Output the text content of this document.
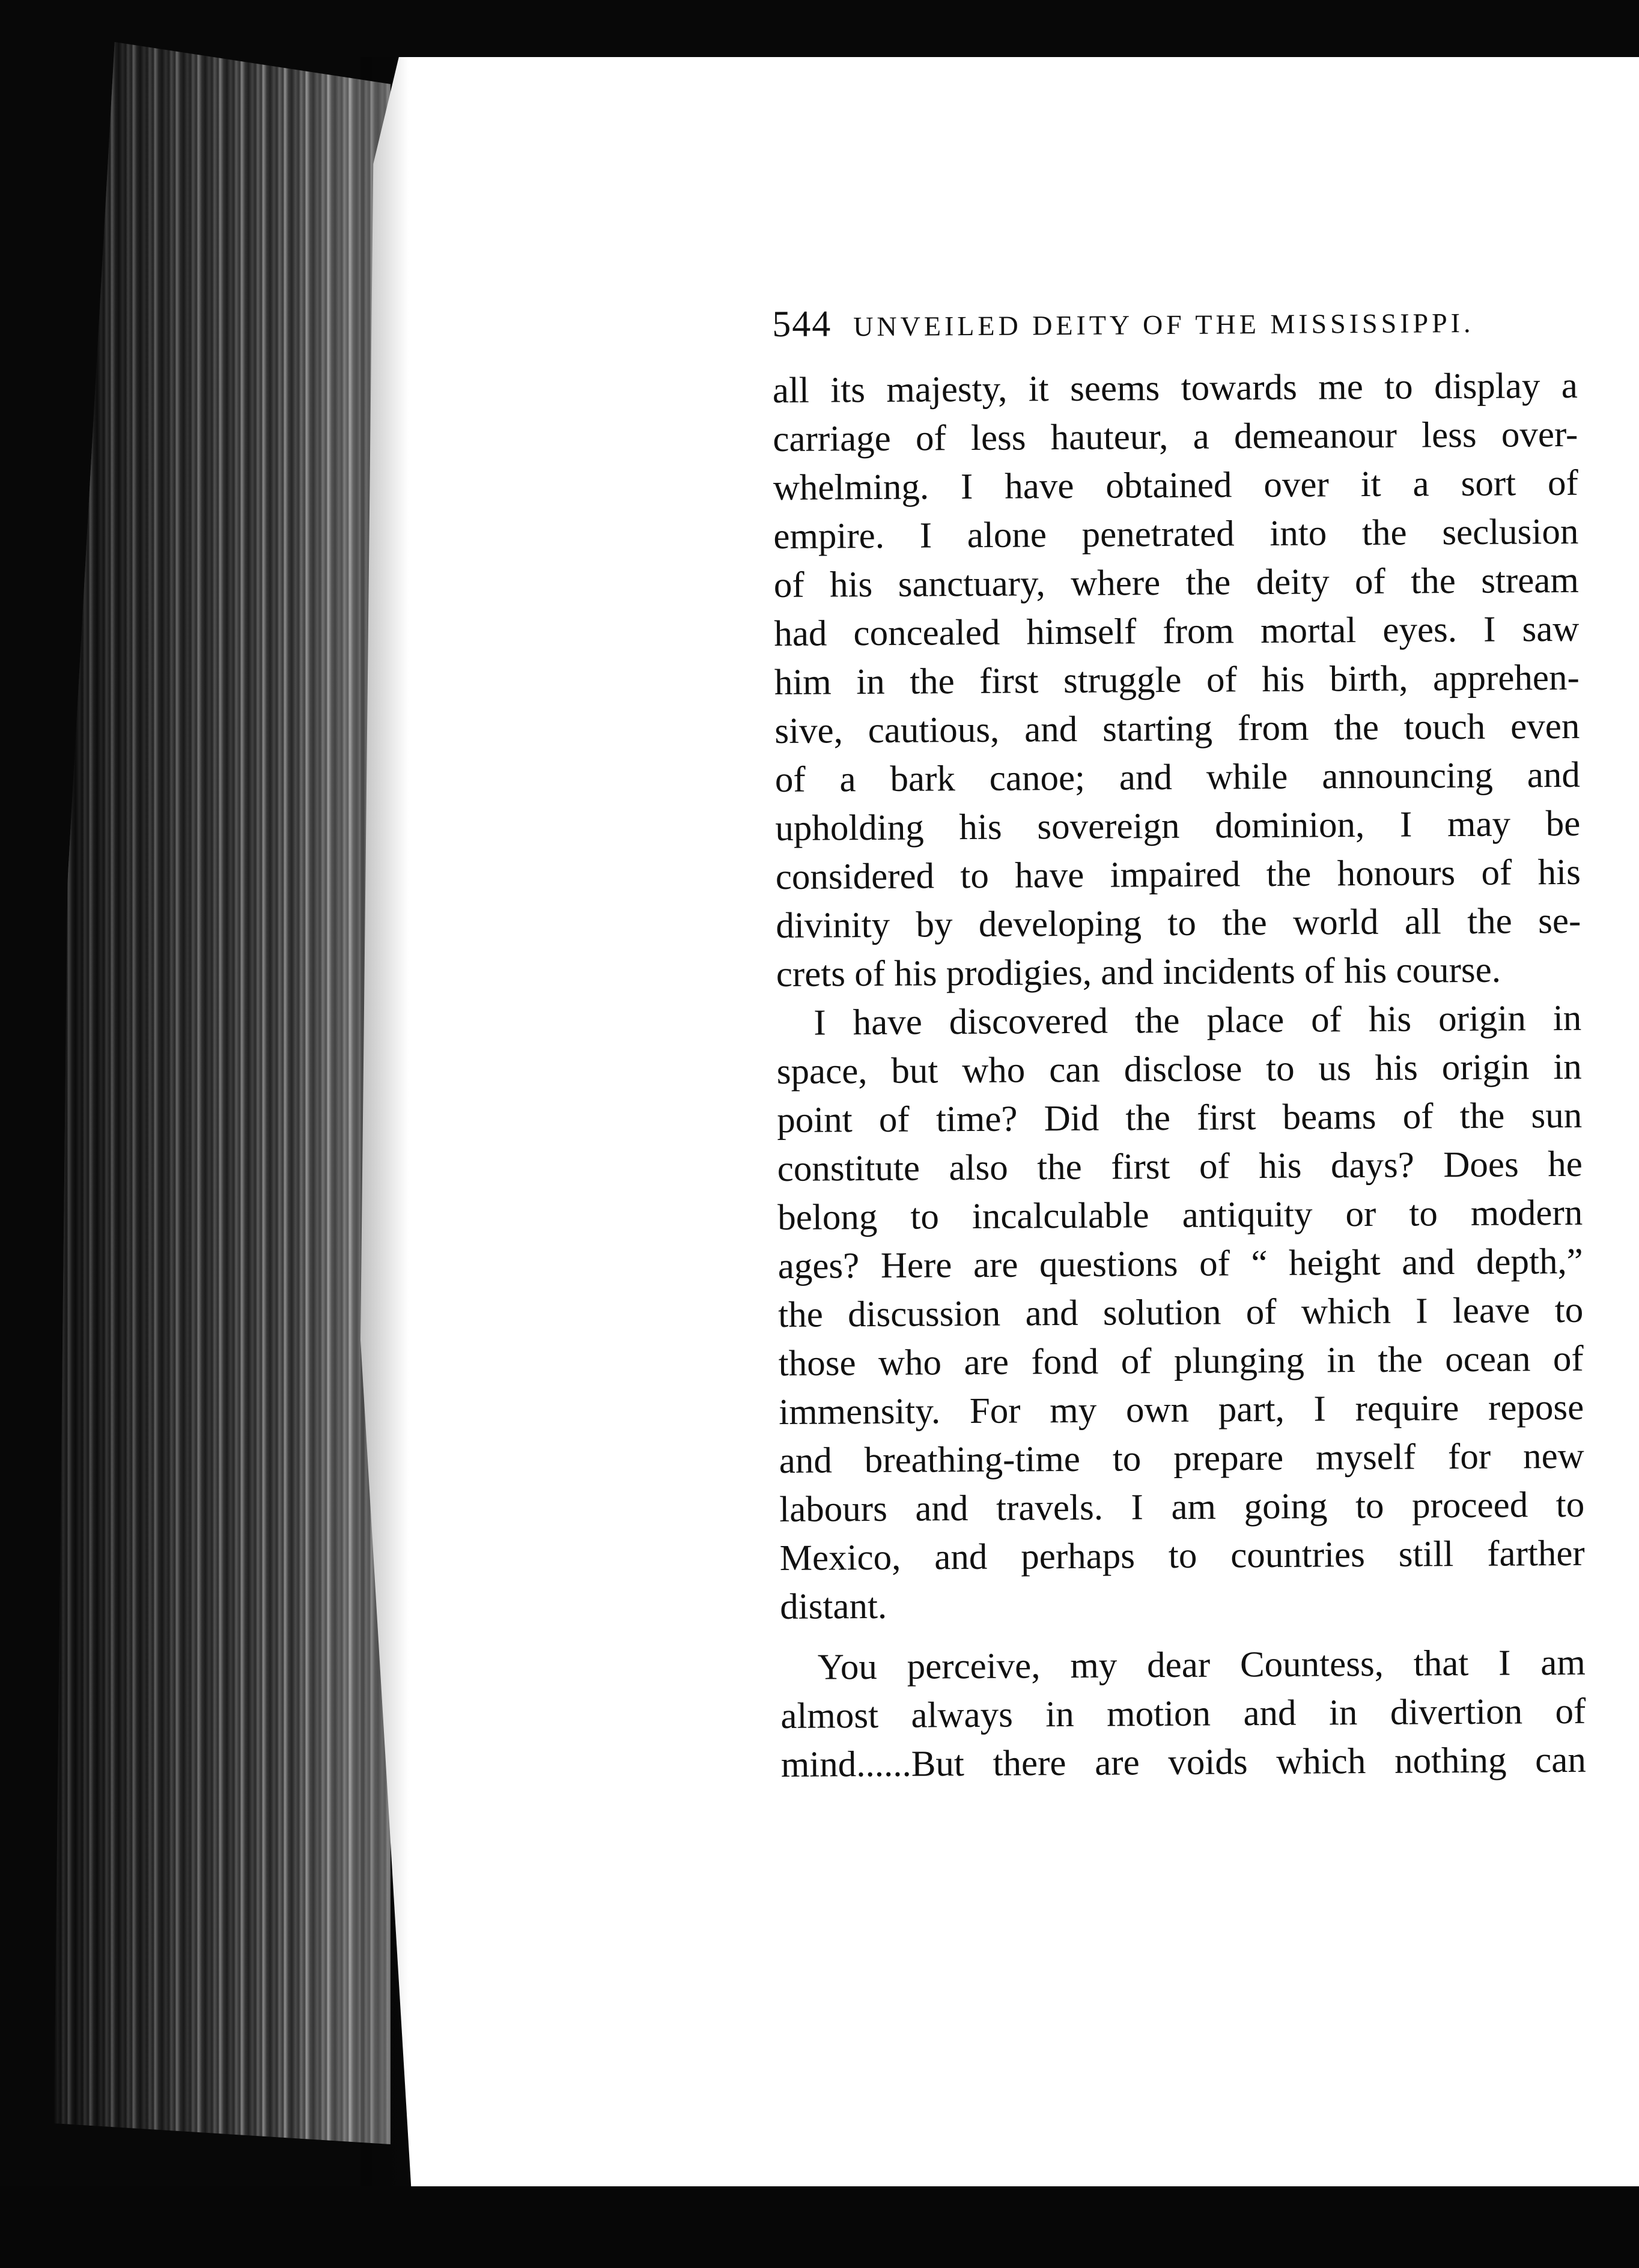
544 UNVEILED DEITY OF THE MISSISSIPPI.
all its majesty, it seems towards me to display a
carriage of less hauteur, a demeanour less over-
whelming. I have obtained over it a sort of
empire. I alone penetrated into the seclusion
of his sanctuary, where the deity of the stream
had concealed himself from mortal eyes. I saw
him in the first struggle of his birth, apprehen-
sive, cautious, and starting from the touch even
of a bark canoe; and while announcing and
upholding his sovereign dominion, I may be
considered to have impaired the honours of his
divinity by developing to the world all the se-
crets of his prodigies, and incidents of his course.
I have discovered the place of his origin in
space, but who can disclose to us his origin in
point of time? Did the first beams of the sun
constitute also the first of his days? Does he
belong to incalculable antiquity or to modern
ages? Here are questions of “ height and depth,”
the discussion and solution of which I leave to
those who are fond of plunging in the ocean of
immensity. For my own part, I require repose
and breathing-time to prepare myself for new
labours and travels. I am going to proceed to
Mexico, and perhaps to countries still farther
distant.
You perceive, my dear Countess, that I am
almost always in motion and in divertion of
mind......But there are voids which nothing can
